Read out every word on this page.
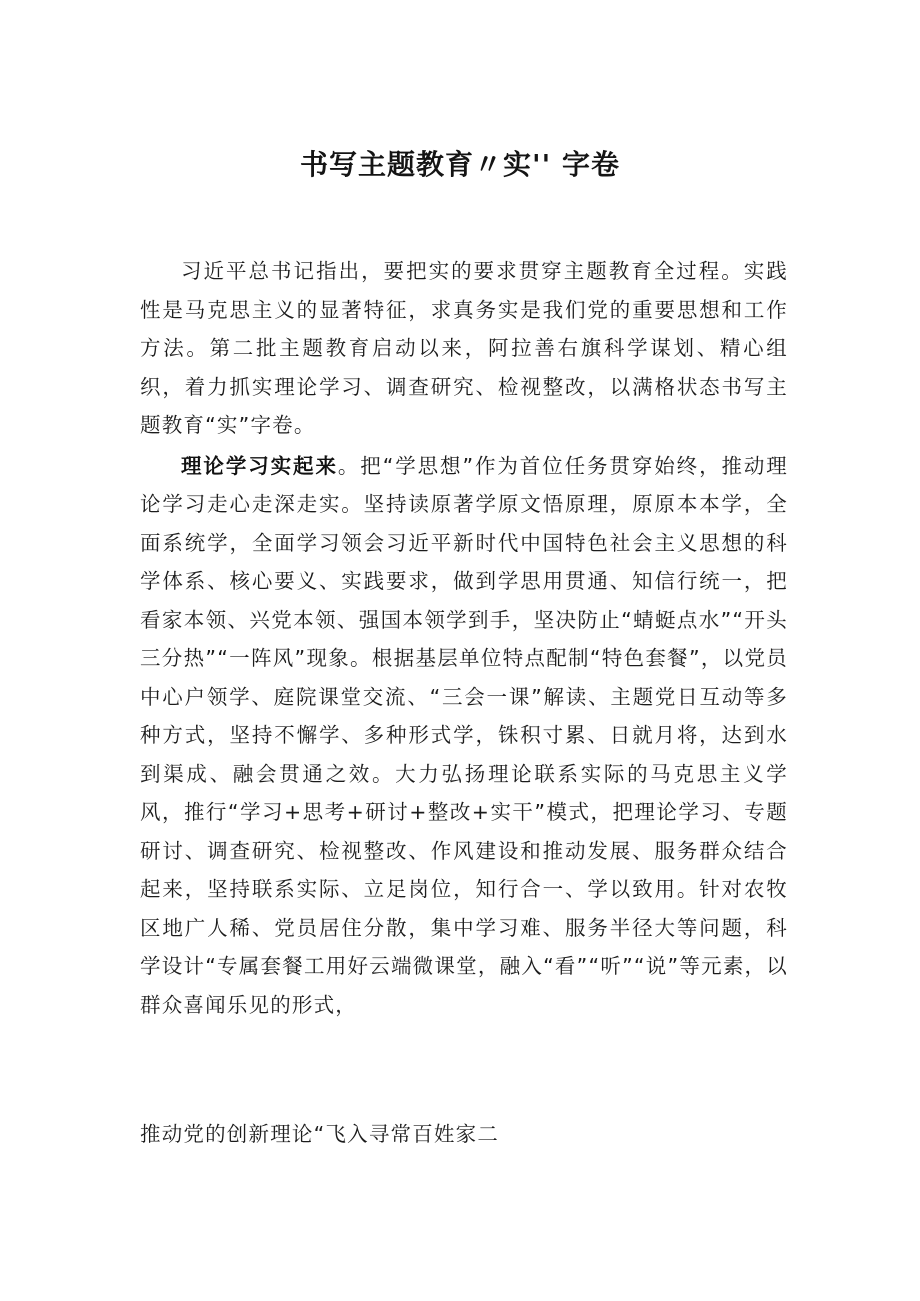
书写主题教育〃实'' 字卷

习近平总书记指出，要把实的要求贯穿主题教育全过程。实践性是马克思主义的显著特征，求真务实是我们党的重要思想和工作方法。第二批主题教育启动以来，阿拉善右旗科学谋划、精心组织，着力抓实理论学习、调查研究、检视整改，以满格状态书写主题教育“实”字卷。

理论学习实起来。把“学思想”作为首位任务贯穿始终，推动理论学习走心走深走实。坚持读原著学原文悟原理，原原本本学，全面系统学，全面学习领会习近平新时代中国特色社会主义思想的科学体系、核心要义、实践要求，做到学思用贯通、知信行统一，把看家本领、兴党本领、强国本领学到手，坚决防止“蜻蜓点水”“开头三分热”“一阵风”现象。根据基层单位特点配制“特色套餐”，以党员中心户领学、庭院课堂交流、“三会一课”解读、主题党日互动等多种方式，坚持不懈学、多种形式学，铢积寸累、日就月将，达到水到渠成、融会贯通之效。大力弘扬理论联系实际的马克思主义学风，推行“学习+思考+研讨+整改+实干”模式，把理论学习、专题研讨、调查研究、检视整改、作风建设和推动发展、服务群众结合起来，坚持联系实际、立足岗位，知行合一、学以致用。针对农牧区地广人稀、党员居住分散，集中学习难、服务半径大等问题，科学设计“专属套餐工用好云端微课堂，融入“看”“听”“说”等元素，以群众喜闻乐见的形式，

推动党的创新理论“飞入寻常百姓家二
